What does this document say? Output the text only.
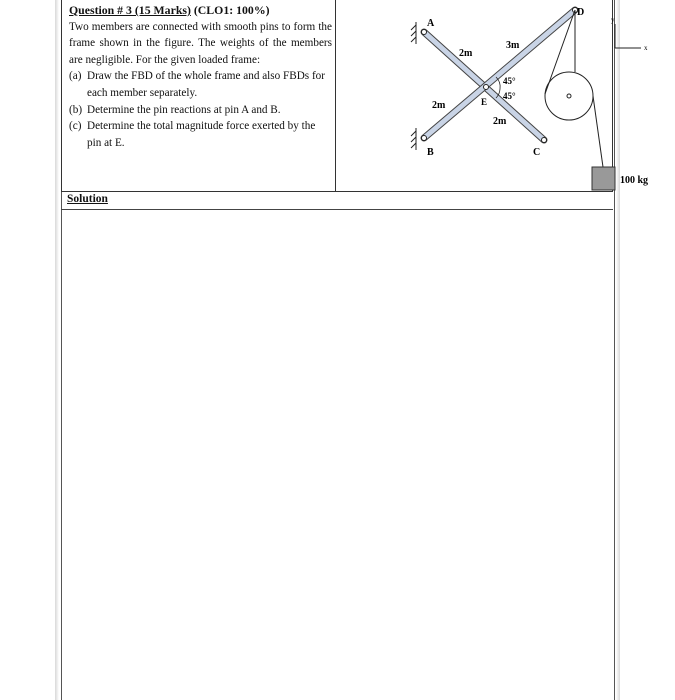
Question # 3 (15 Marks) (CLO1: 100%)
Two members are connected with smooth pins to form the frame shown in the figure. The weights of the members are negligible. For the given loaded frame:
(a) Draw the FBD of the whole frame and also FBDs for each member separately.
(b) Determine the pin reactions at pin A and B.
(c) Determine the total magnitude force exerted by the pin at E.
A
B	C
D
E
2m
3m
2m
2m
45°
45°
y
x
100 kg
Solution
